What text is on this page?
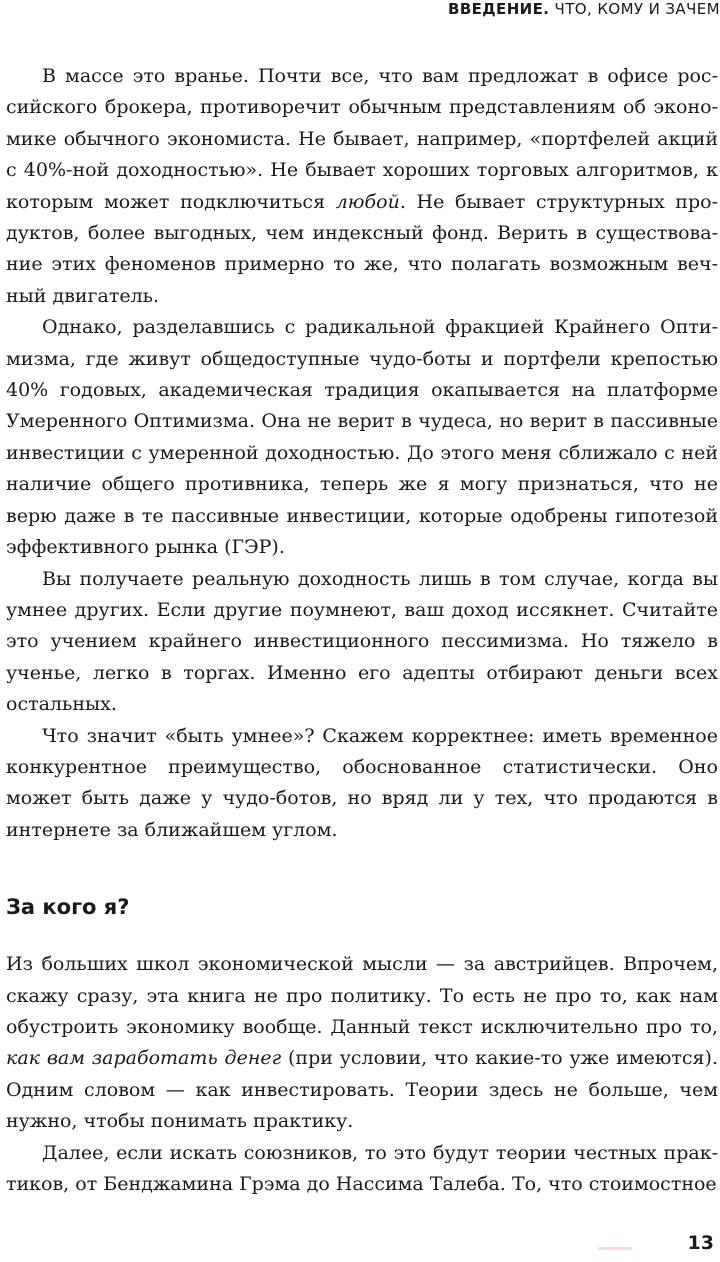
ВВЕДЕНИЕ. ЧТО, КОМУ И ЗАЧЕМ

В массе это вранье. Почти все, что вам предложат в офисе российского брокера, противоречит обычным представлениям об экономике обычного экономиста. Не бывает, например, «портфелей акций с 40%-ной доходностью». Не бывает хороших торговых алгоритмов, к которым может подключиться любой. Не бывает структурных продуктов, более выгодных, чем индексный фонд. Верить в существование этих феноменов примерно то же, что полагать возможным вечный двигатель.

Однако, разделавшись с радикальной фракцией Крайнего Оптимизма, где живут общедоступные чудо-боты и портфели крепостью 40% годовых, академическая традиция окапывается на платформе Умеренного Оптимизма. Она не верит в чудеса, но верит в пассивные инвестиции с умеренной доходностью. До этого меня сближало с ней наличие общего противника, теперь же я могу признаться, что не верю даже в те пассивные инвестиции, которые одобрены гипотезой эффективного рынка (ГЭР).

Вы получаете реальную доходность лишь в том случае, когда вы умнее других. Если другие поумнеют, ваш доход иссякнет. Считайте это учением крайнего инвестиционного пессимизма. Но тяжело в ученье, легко в торгах. Именно его адепты отбирают деньги всех остальных.

Что значит «быть умнее»? Скажем корректнее: иметь временное конкурентное преимущество, обоснованное статистически. Оно может быть даже у чудо-ботов, но вряд ли у тех, что продаются в интернете за ближайшем углом.

За кого я?

Из больших школ экономической мысли — за австрийцев. Впрочем, скажу сразу, эта книга не про политику. То есть не про то, как нам обустроить экономику вообще. Данный текст исключительно про то, как вам заработать денег (при условии, что какие-то уже имеются). Одним словом — как инвестировать. Теории здесь не больше, чем нужно, чтобы понимать практику.

Далее, если искать союзников, то это будут теории честных практиков, от Бенджамина Грэма до Нассима Талеба. То, что стоимостное

13
